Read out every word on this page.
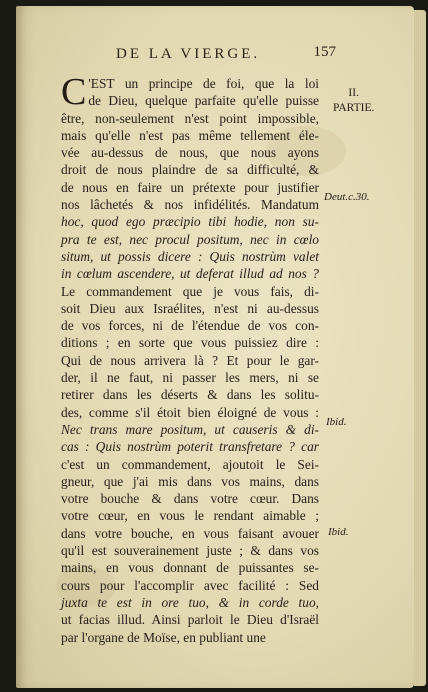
DE LA VIERGE.	157
II.
PARTIE.
Deut.c.30.
Ibid.
Ibid.
C 'EST un principe de foi, que la loi
de Dieu, quelque parfaite qu'elle puisse
être, non-seulement n'est point impossible,
mais qu'elle n'est pas même tellement éle-
vée au-dessus de nous, que nous ayons
droit de nous plaindre de sa difficulté, &
de nous en faire un prétexte pour justifier
nos lâchetés & nos infidélités. Mandatum
hoc, quod ego præcipio tibi hodie, non su-
pra te est, nec procul positum, nec in cœlo
situm, ut possis dicere : Quis nostrùm valet
in cœlum ascendere, ut deferat illud ad nos ?
Le commandement que je vous fais, di-
soit Dieu aux Israélites, n'est ni au-dessus
de vos forces, ni de l'étendue de vos con-
ditions ; en sorte que vous puissiez dire :
Qui de nous arrivera là ? Et pour le gar-
der, il ne faut, ni passer les mers, ni se
retirer dans les déserts & dans les solitu-
des, comme s'il étoit bien éloigné de vous :
Nec trans mare positum, ut causeris & di-
cas : Quis nostrùm poterit transfretare ? car
c'est un commandement, ajoutoit le Sei-
gneur, que j'ai mis dans vos mains, dans
votre bouche & dans votre cœur. Dans
votre cœur, en vous le rendant aimable ;
dans votre bouche, en vous faisant avouer
qu'il est souverainement juste ; & dans vos
mains, en vous donnant de puissantes se-
cours pour l'accomplir avec facilité : Sed
juxta te est in ore tuo, & in corde tuo,
ut facias illud. Ainsi parloit le Dieu d'Israël
par l'organe de Moïse, en publiant une
